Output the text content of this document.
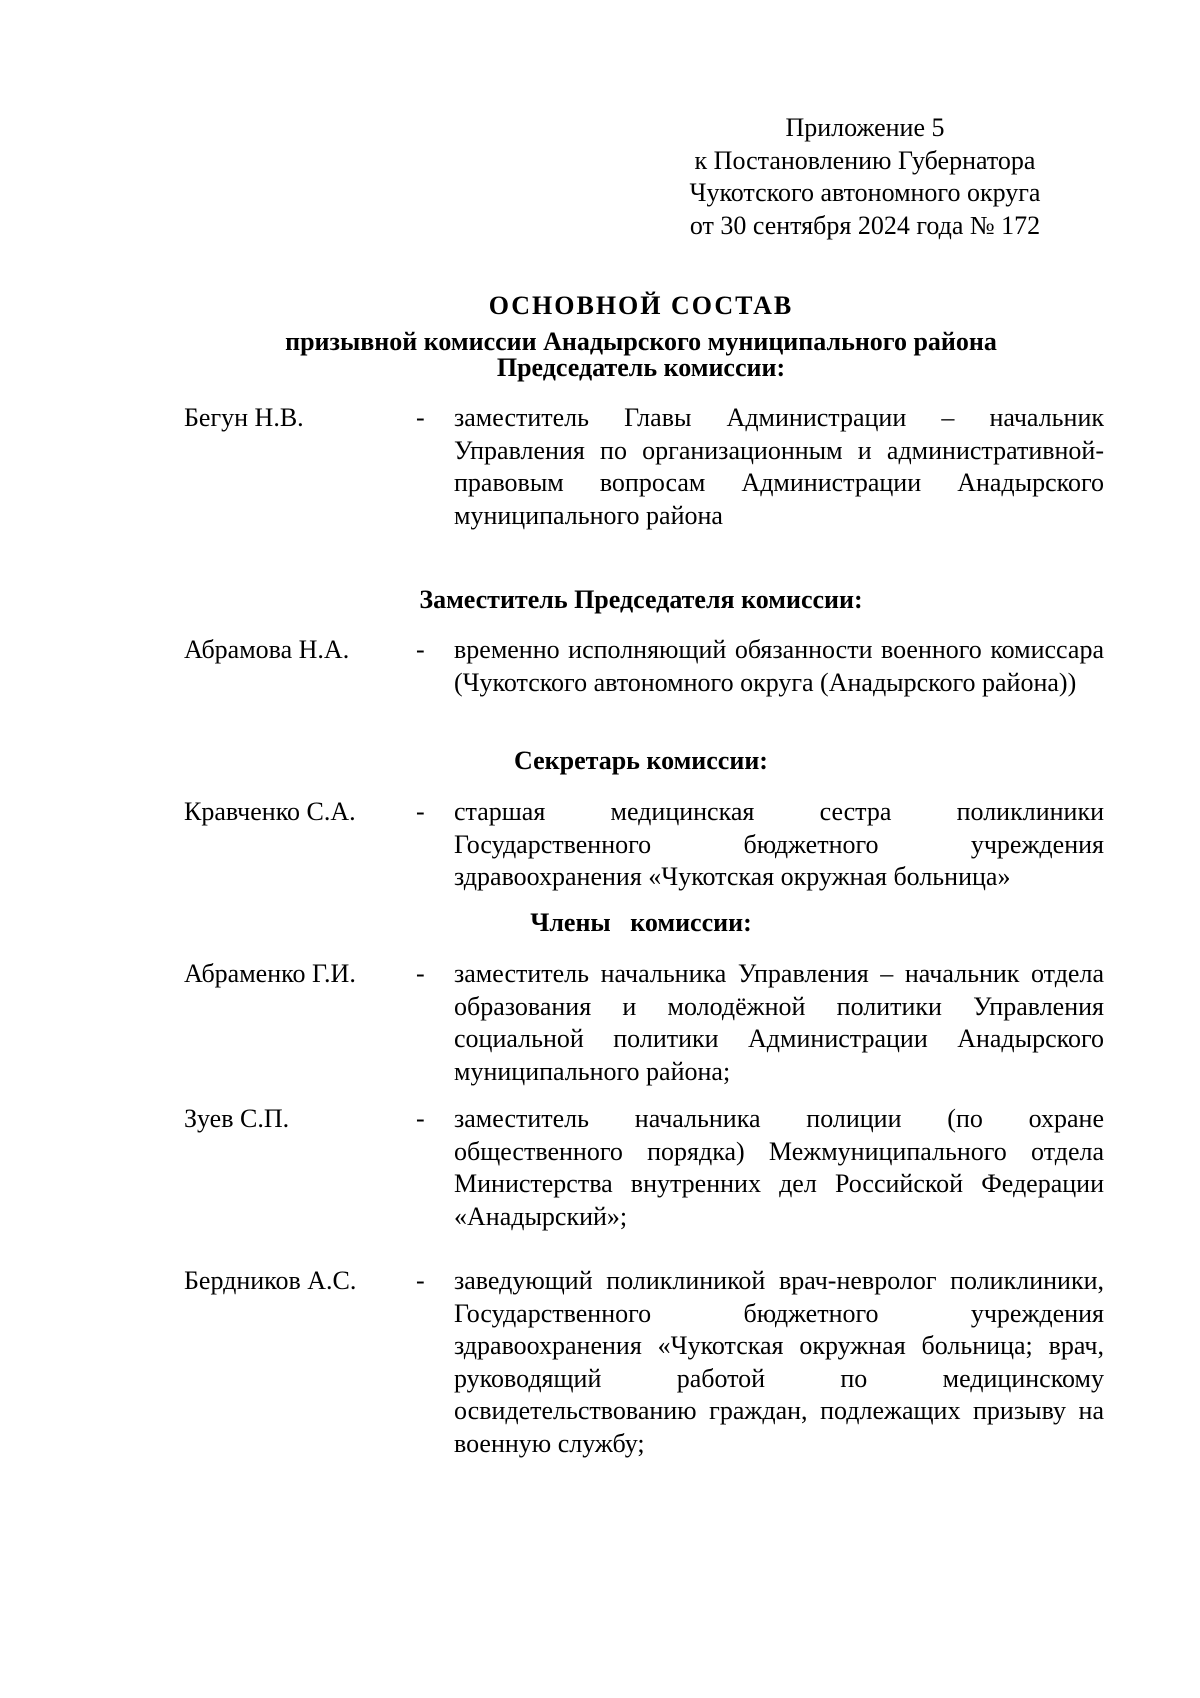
Приложение 5
к Постановлению Губернатора
Чукотского автономного округа
от 30 сентября 2024 года № 172
ОСНОВНОЙ СОСТАВ
призывной комиссии Анадырского муниципального района
Председатель комиссии:
Бегун Н.В.	- заместитель Главы Администрации – начальник Управления по организационным и административной-правовым вопросам Администрации Анадырского муниципального района
Заместитель Председателя комиссии:
Абрамова Н.А.	- временно исполняющий обязанности военного комиссара (Чукотского автономного округа (Анадырского района))
Секретарь комиссии:
Кравченко С.А. - старшая медицинская сестра поликлиники Государственного бюджетного учреждения здравоохранения «Чукотская окружная больница»
Члены   комиссии:
Абраменко Г.И. - заместитель начальника Управления – начальник отдела образования и молодёжной политики Управления социальной политики Администрации Анадырского муниципального района;
Зуев С.П.	- заместитель начальника полиции (по охране общественного порядка) Межмуниципального отдела Министерства внутренних дел Российской Федерации «Анадырский»;
Бердников А.С. - заведующий поликлиникой врач-невролог поликлиники, Государственного бюджетного учреждения здравоохранения «Чукотская окружная больница; врач, руководящий работой по медицинскому освидетельствованию граждан, подлежащих призыву на военную службу;
